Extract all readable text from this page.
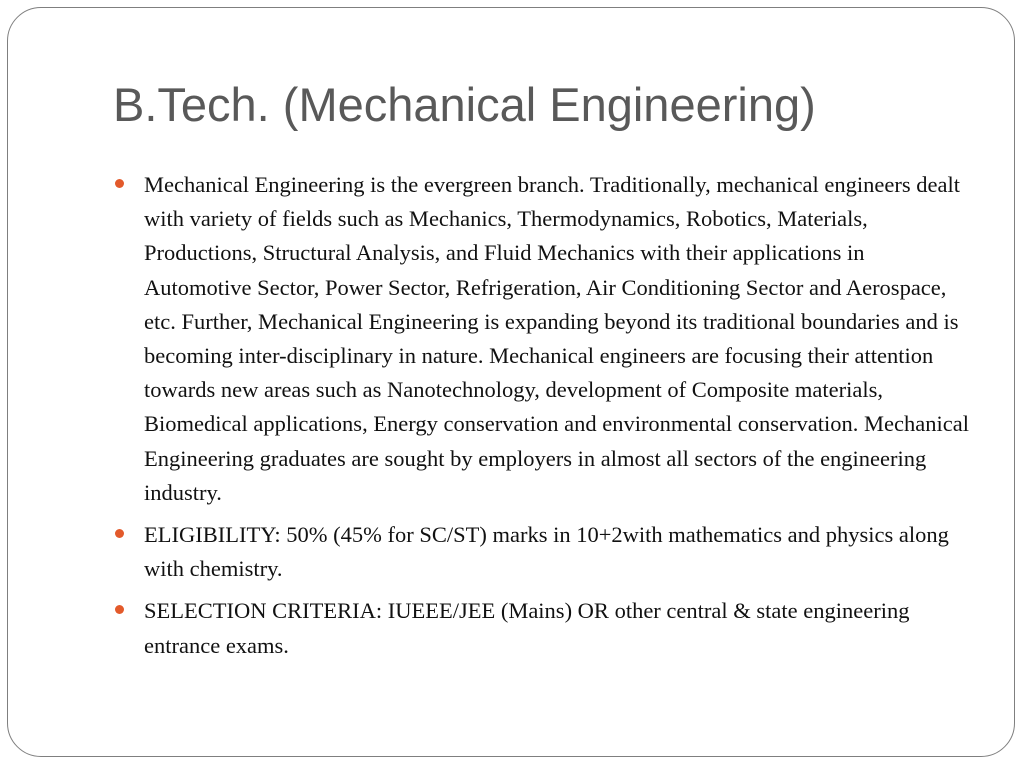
B.Tech. (Mechanical Engineering)
Mechanical Engineering is the evergreen branch. Traditionally, mechanical engineers dealt with variety of fields such as Mechanics, Thermodynamics, Robotics, Materials, Productions, Structural Analysis, and Fluid Mechanics with their applications in Automotive Sector, Power Sector, Refrigeration, Air Conditioning Sector and Aerospace, etc. Further, Mechanical Engineering is expanding beyond its traditional boundaries and is becoming inter-disciplinary in nature. Mechanical engineers are focusing their attention towards new areas such as Nanotechnology, development of Composite materials, Biomedical applications, Energy conservation and environmental conservation. Mechanical Engineering graduates are sought by employers in almost all sectors of the engineering industry.
ELIGIBILITY: 50% (45% for SC/ST) marks in 10+2with mathematics and physics along with chemistry.
SELECTION CRITERIA: IUEEE/JEE (Mains) OR other central & state engineering entrance exams.
